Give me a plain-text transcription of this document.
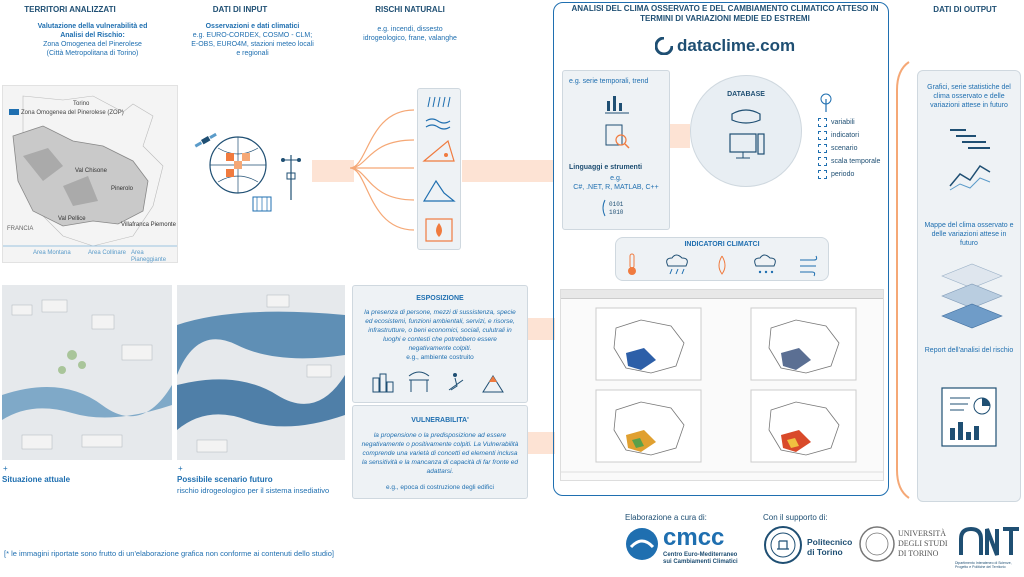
TERRITORI ANALIZZATI	DATI DI INPUT	RISCHI NATURALI	ANALISI DEL CLIMA OSSERVATO E DEL CAMBIAMENTO CLIMATICO ATTESO IN TERMINI DI VARIAZIONI MEDIE ED ESTREMI
DATI DI OUTPUT
Valutazione della vulnerabilità ed
Analisi del Rischio:
Zona Omogenea del Pinerolese
(Città Metropolitana di Torino)
Torino
Zona Omogenea del Pinerolese (ZOP)
FRANCIA
Val Pellice
Val Chisone
Pinerolo
Villafranca Piemonte
Area Montana	Area Collinare Area Pianeggiante
Osservazioni e dati climatici
e.g. EURO-CORDEX, COSMO - CLM; E-OBS, EURO4M, stazioni meteo locali e regionali
e.g. incendi, dissesto idrogeologico, frane, valanghe	dataclime.com
e.g. serie temporali, trend
Linguaggi e strumenti
e.g.
C#, .NET, R, MATLAB, C++
0101
1010
DATABASE
variabili
indicatori
scenario
scala temporale
periodo
INDICATORI CLIMATCI
+	+
Situazione attuale	Possibile scenario futuro
rischio idrogeologico per il sistema insediativo
ESPOSIZIONE
la presenza di persone, mezzi di sussistenza, specie ed ecosistemi, funzioni ambientali, servizi, e risorse, infrastrutture, o beni economici, sociali, culutrali in luoghi e contesti che potrebbero essere negativamente colpiti.
e.g., ambiente costruito
VULNERABILITA'
la propensione o la predisposizione ad essere negativamente o positivamente colpiti. La Vulnerabilità comprende una varietà di concetti ed elementi inclusa la sensitività e la mancanza di capacità di far fronte ed adattarsi.
e.g., epoca di costruzione degli edifici
Grafici, serie statistiche del clima osservato e delle variazioni attese in futuro
Mappe del clima osservato e delle variazioni attese in futuro
Report dell'analisi del rischio
[* le immagini riportate sono frutto di un'elaborazione grafica non conforme ai contenuti dello studio]
Elaborazione a cura di:	Con il supporto di:
cmcc
Centro Euro-Mediterraneo
sui Cambiamenti Climatici
Politecnico
di Torino
UNIVERSITÀ
DEGLI STUDI
DI TORINO
Dipartimento Interateneo di Scienze, Progetto e Politiche del Territorio
